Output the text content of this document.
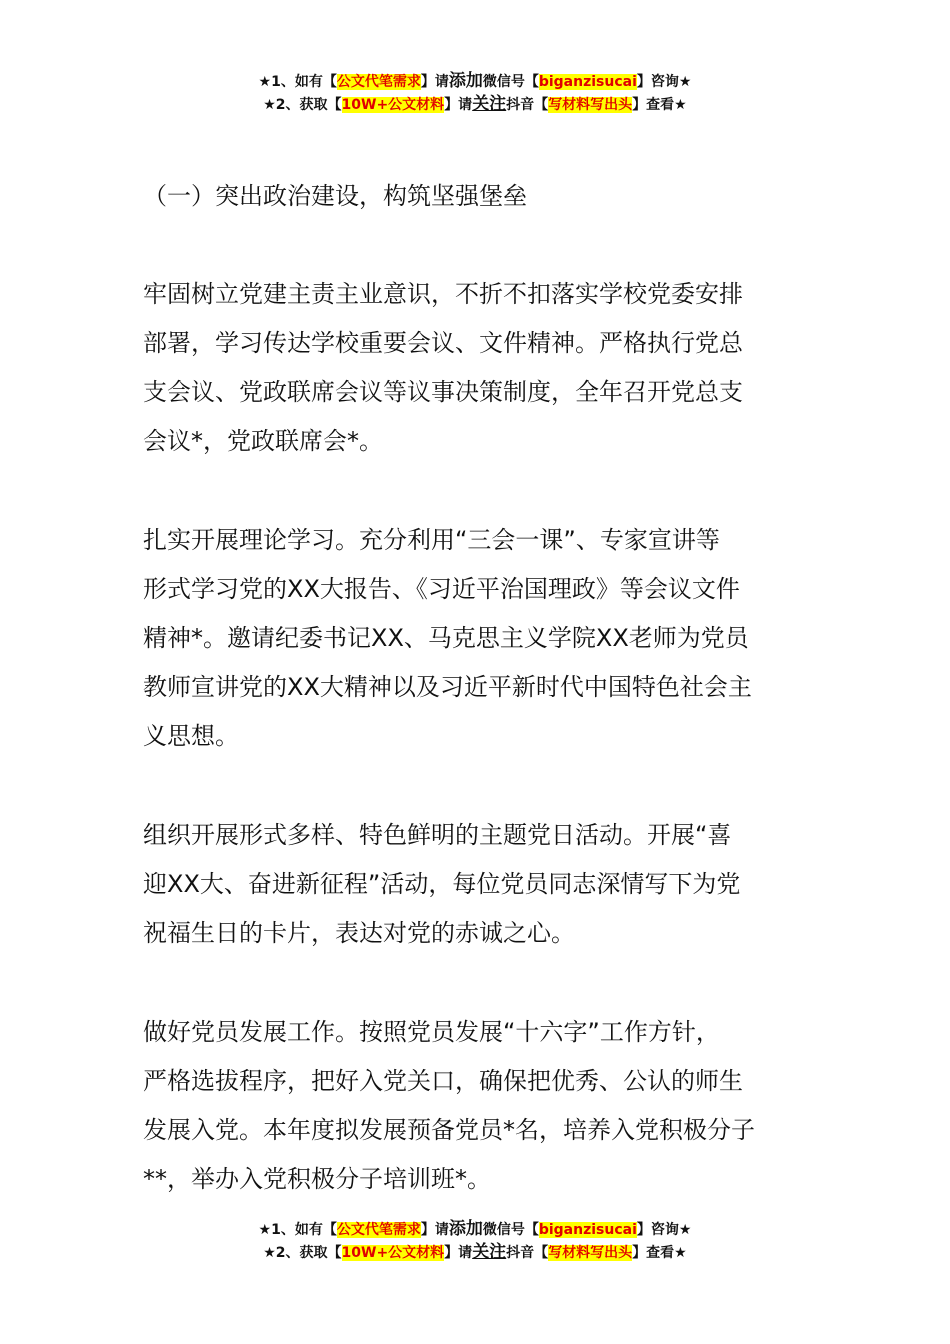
★1、如有【公文代笔需求】请添加微信号【biganzisucai】咨询★
★2、获取【10W+公文材料】请关注抖音【写材料写出头】查看★
（一）突出政治建设，构筑坚强堡垒
牢固树立党建主责主业意识，不折不扣落实学校党委安排
部署，学习传达学校重要会议、文件精神。严格执行党总
支会议、党政联席会议等议事决策制度，全年召开党总支
会议*，党政联席会*。
扎实开展理论学习。充分利用“三会一课”、专家宣讲等
形式学习党的XX大报告、《习近平治国理政》等会议文件
精神*。邀请纪委书记XX、马克思主义学院XX老师为党员
教师宣讲党的XX大精神以及习近平新时代中国特色社会主
义思想。
组织开展形式多样、特色鲜明的主题党日活动。开展“喜
迎XX大、奋进新征程”活动，每位党员同志深情写下为党
祝福生日的卡片，表达对党的赤诚之心。
做好党员发展工作。按照党员发展“十六字”工作方针，
严格选拔程序，把好入党关口，确保把优秀、公认的师生
发展入党。本年度拟发展预备党员*名，培养入党积极分子
**，举办入党积极分子培训班*。
★1、如有【公文代笔需求】请添加微信号【biganzisucai】咨询★
★2、获取【10W+公文材料】请关注抖音【写材料写出头】查看★
